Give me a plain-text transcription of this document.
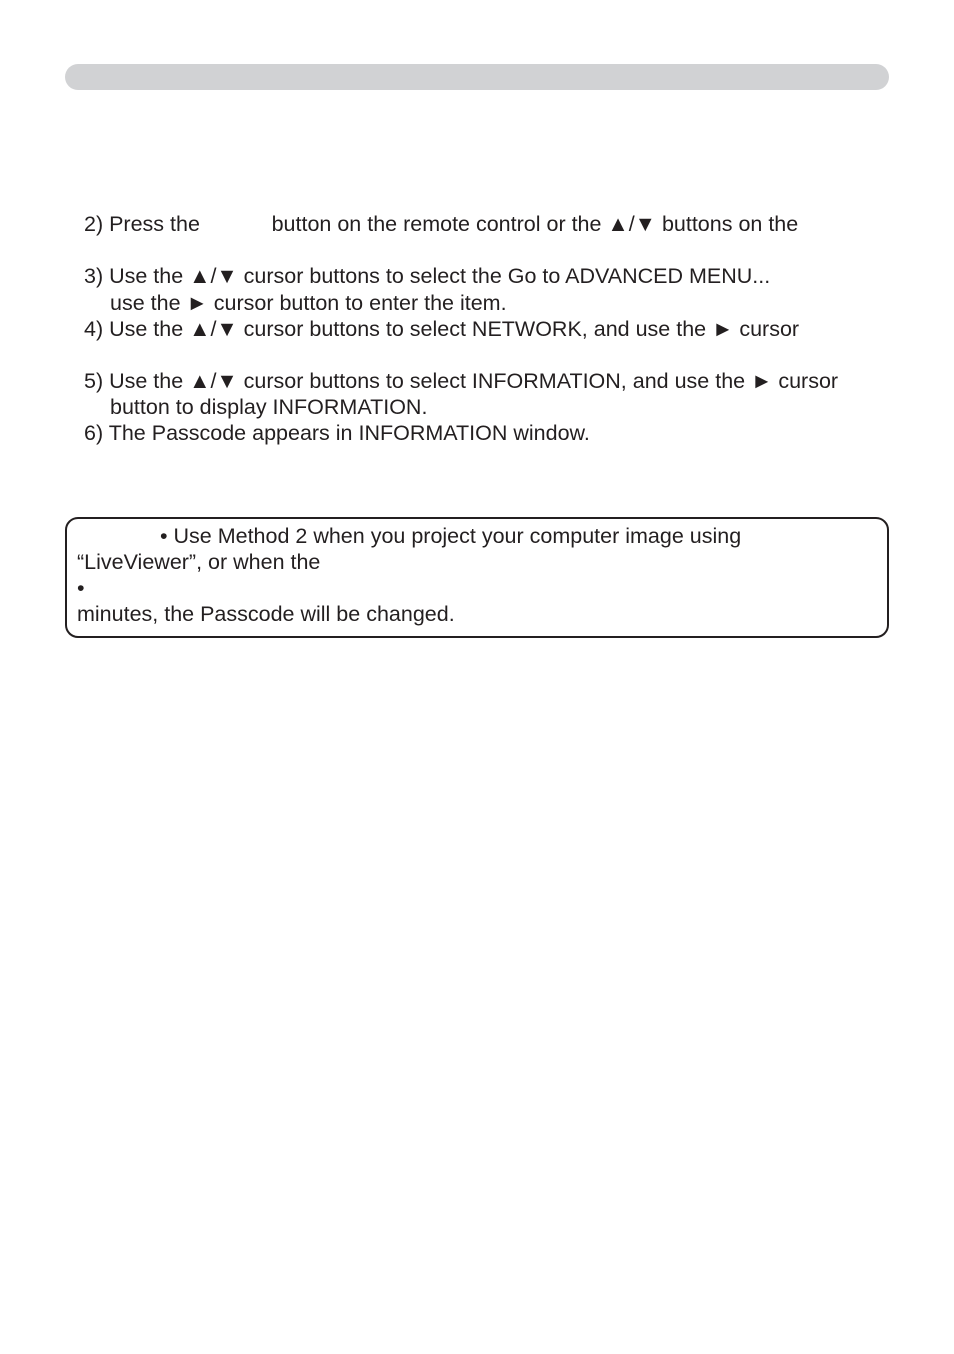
2) Press the            button on the remote control or the ▲/▼ buttons on the

3) Use the ▲/▼ cursor buttons to select the Go to ADVANCED MENU...

use the ► cursor button to enter the item.

4) Use the ▲/▼ cursor buttons to select NETWORK, and use the ► cursor

5) Use the ▲/▼ cursor buttons to select INFORMATION, and use the ► cursor

button to display INFORMATION.

6) The Passcode appears in INFORMATION window.

• Use Method 2 when you project your computer image using

“LiveViewer”, or when the

•

minutes, the Passcode will be changed.
